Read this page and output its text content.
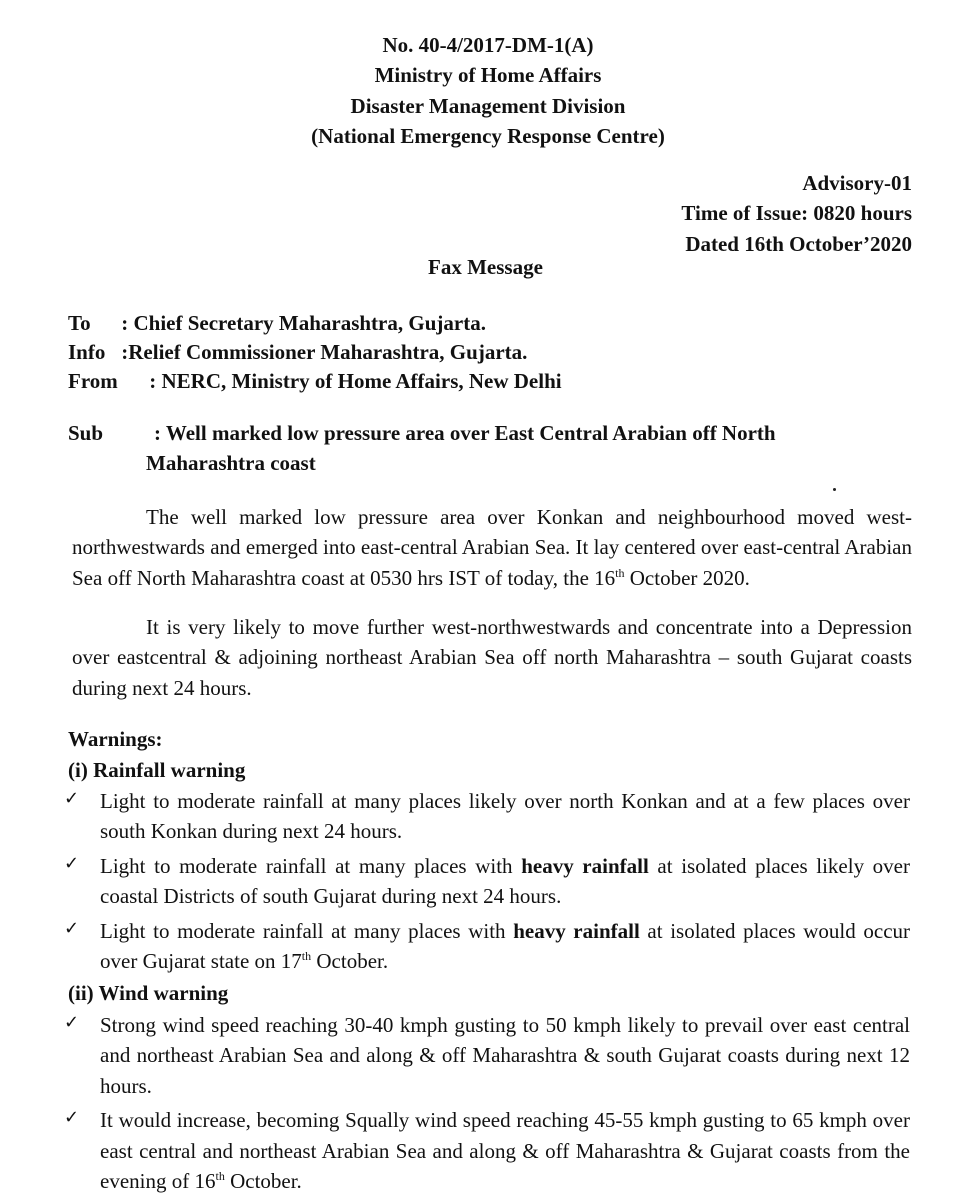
No. 40-4/2017-DM-1(A)
Ministry of Home Affairs
Disaster Management Division
(National Emergency Response Centre)
Advisory-01
Time of Issue: 0820 hours
Dated 16th October’2020
Fax Message
To : Chief Secretary Maharashtra, Gujarta.
Info :Relief Commissioner Maharashtra, Gujarta.
From : NERC, Ministry of Home Affairs, New Delhi
Sub : Well marked low pressure area over East Central Arabian off North
Maharashtra coast
The well marked low pressure area over Konkan and neighbourhood moved west-northwestwards and emerged into east-central Arabian Sea. It lay centered over east-central Arabian Sea off North Maharashtra coast at 0530 hrs IST of today, the 16th October 2020.
It is very likely to move further west-northwestwards and concentrate into a Depression over eastcentral & adjoining northeast Arabian Sea off north Maharashtra – south Gujarat coasts during next 24 hours.
Warnings:
(i) Rainfall warning
✓ Light to moderate rainfall at many places likely over north Konkan and at a few places over south Konkan during next 24 hours.
✓ Light to moderate rainfall at many places with heavy rainfall at isolated places likely over coastal Districts of south Gujarat during next 24 hours.
✓ Light to moderate rainfall at many places with heavy rainfall at isolated places would occur over Gujarat state on 17th October.
(ii) Wind warning
✓ Strong wind speed reaching 30-40 kmph gusting to 50 kmph likely to prevail over east central and northeast Arabian Sea and along & off Maharashtra & south Gujarat coasts during next 12 hours.
✓ It would increase, becoming Squally wind speed reaching 45-55 kmph gusting to 65 kmph over east central and northeast Arabian Sea and along & off Maharashtra & Gujarat coasts from the evening of 16th October.
